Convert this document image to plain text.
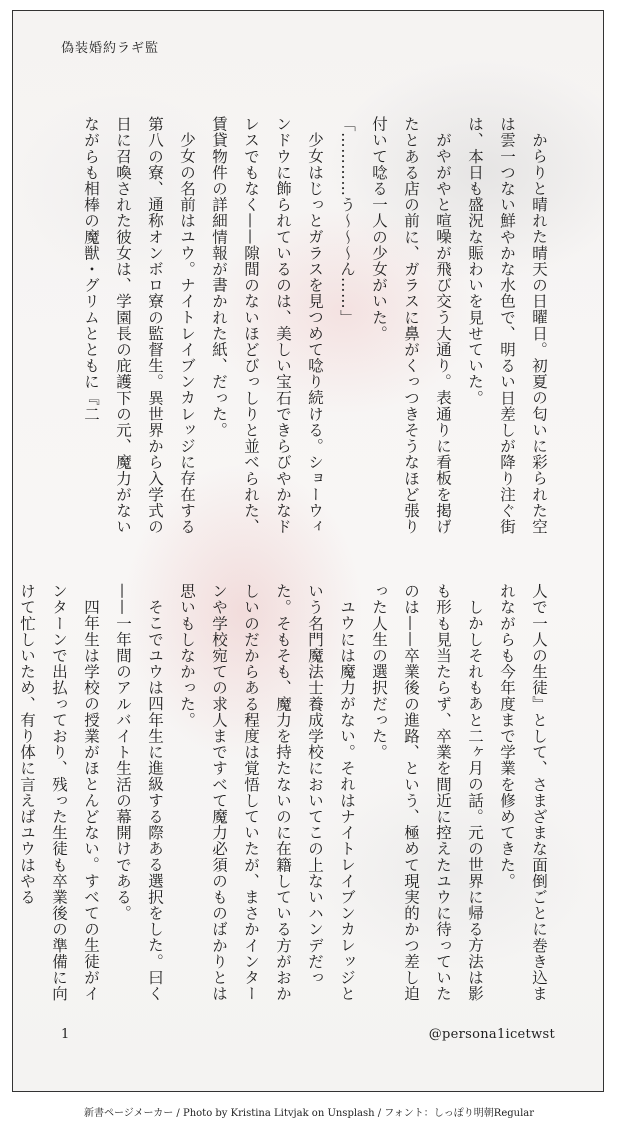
偽装婚約ラギ監

からりと晴れた晴天の日曜日。初夏の匂いに彩られた空は雲一つない鮮やかな水色で、明るい日差しが降り注ぐ街は、本日も盛況な賑わいを見せていた。

がやがやと喧噪が飛び交う大通り。表通りに看板を掲げたとある店の前に、ガラスに鼻がくっつきそうなほど張り付いて唸る一人の少女がいた。

「…………う〜〜〜ん……」

少女はじっとガラスを見つめて唸り続ける。ショーウィンドウに飾られているのは、美しい宝石できらびやかなドレスでもなく——隙間のないほどびっしりと並べられた、賃貸物件の詳細情報が書かれた紙、だった。

少女の名前はユウ。ナイトレイブンカレッジに存在する第八の寮、通称オンボロ寮の監督生。異世界から入学式の日に召喚された彼女は、学園長の庇護下の元、魔力がないながらも相棒の魔獣・グリムとともに『二

人で一人の生徒』として、さまざまな面倒ごとに巻き込まれながらも今年度まで学業を修めてきた。

しかしそれもあと二ヶ月の話。元の世界に帰る方法は影も形も見当たらず、卒業を間近に控えたユウに待っていたのは——卒業後の進路、という、極めて現実的かつ差し迫った人生の選択だった。

ユウには魔力がない。それはナイトレイブンカレッジという名門魔法士養成学校においてこの上ないハンデだった。そもそも、魔力を持たないのに在籍している方がおかしいのだからある程度は覚悟していたが、まさかインターンや学校宛ての求人まですべて魔力必須のものばかりとは思いもしなかった。

そこでユウは四年生に進級する際ある選択をした。曰く——一年間のアルバイト生活の幕開けである。

四年生は学校の授業がほとんどない。すべての生徒がインターンで出払っており、残った生徒も卒業後の準備に向けて忙しいため、有り体に言えばユウはやる

1	@persona1icetwst
新書ページメーカー / Photo by Kristina Litvjak on Unsplash / フォント：しっぽり明朝Regular
